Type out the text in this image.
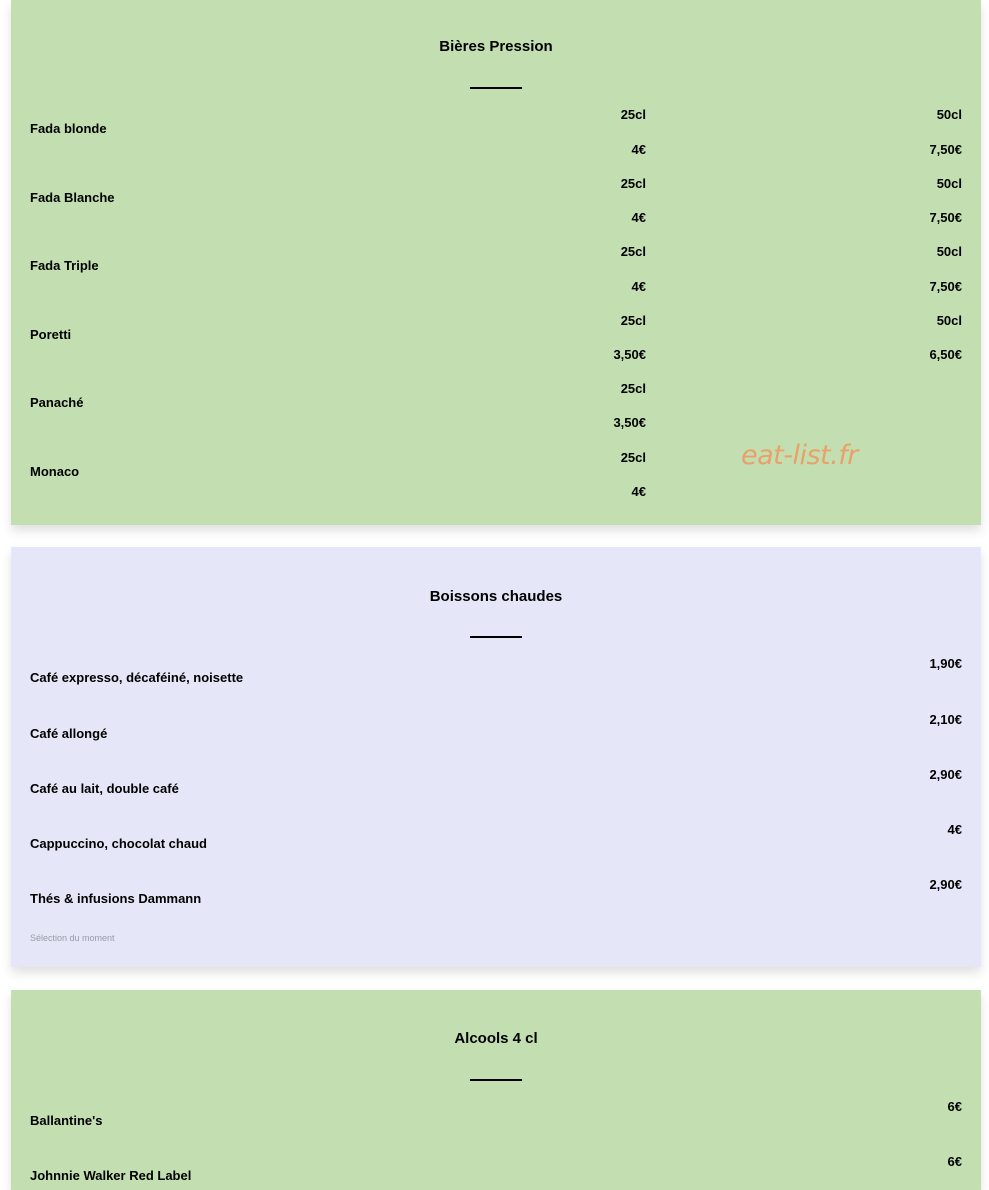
Bières Pression
Fada blonde
25cl
4€
50cl
7,50€
Fada Blanche
25cl
4€
50cl
7,50€
Fada Triple
25cl
4€
50cl
7,50€
Poretti
25cl
3,50€
50cl
6,50€
Panaché
25cl
3,50€
Monaco
25cl
4€
eat-list.fr
Boissons chaudes
Café expresso, décaféiné, noisette
1,90€
Café allongé
2,10€
Café au lait, double café
2,90€
Cappuccino, chocolat chaud
4€
Thés & infusions Dammann
2,90€
Sélection du moment
Alcools 4 cl
Ballantine's
6€
Johnnie Walker Red Label
6€
